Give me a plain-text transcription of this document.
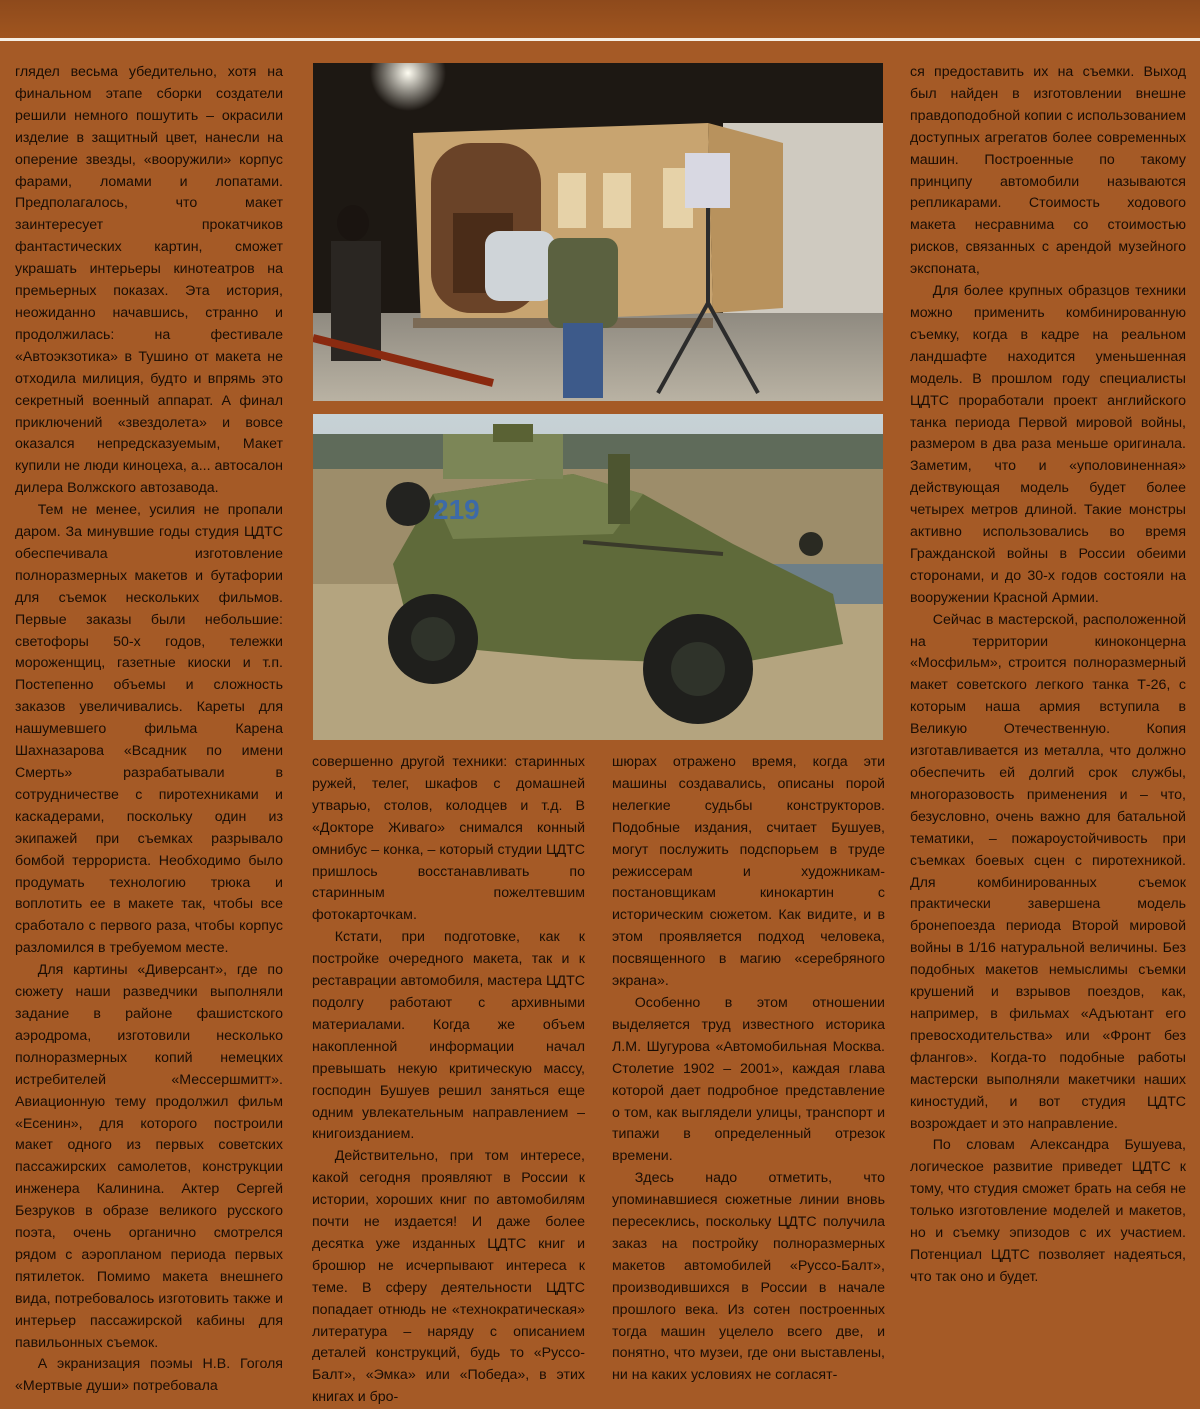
глядел весьма убедительно, хотя на финальном этапе сборки создатели решили немного пошутить – окрасили изделие в защитный цвет, нанесли на оперение звезды, «вооружили» корпус фарами, ломами и лопатами. Предполагалось, что макет заинтересует прокатчиков фантастических картин, сможет украшать интерьеры кинотеатров на премьерных показах. Эта история, неожиданно начавшись, странно и продолжилась: на фестивале «Автоэкзотика» в Тушино от макета не отходила милиция, будто и впрямь это секретный военный аппарат. А финал приключений «звездолета» и вовсе оказался непредсказуемым, Макет купили не люди киноцеха, а... автосалон дилера Волжского автозавода.

Тем не менее, усилия не пропали даром. За минувшие годы студия ЦДТС обеспечивала изготовление полноразмерных макетов и бутафории для съемок нескольких фильмов. Первые заказы были небольшие: светофоры 50-х годов, тележки мороженщиц, газетные киоски и т.п. Постепенно объемы и сложность заказов увеличивались. Кареты для нашумевшего фильма Карена Шахназарова «Всадник по имени Смерть» разрабатывали в сотрудничестве с пиротехниками и каскадерами, поскольку один из экипажей при съемках разрывало бомбой террориста. Необходимо было продумать технологию трюка и воплотить ее в макете так, чтобы все сработало с первого раза, чтобы корпус разломился в требуемом месте.

Для картины «Диверсант», где по сюжету наши разведчики выполняли задание в районе фашистского аэродрома, изготовили несколько полноразмерных копий немецких истребителей «Мессершмитт». Авиационную тему продолжил фильм «Есенин», для которого построили макет одного из первых советских пассажирских самолетов, конструкции инженера Калинина. Актер Сергей Безруков в образе великого русского поэта, очень органично смотрелся рядом с аэропланом периода первых пятилеток. Помимо макета внешнего вида, потребовалось изготовить также и интерьер пассажирской кабины для павильонных съемок.

А экранизация поэмы Н.В. Гоголя «Мертвые души» потребовала

219

совершенно другой техники: старинных ружей, телег, шкафов с домашней утварью, столов, колодцев и т.д. В «Докторе Живаго» снимался конный омнибус – конка, – который студии ЦДТС пришлось восстанавливать по старинным пожелтевшим фотокарточкам.

Кстати, при подготовке, как к постройке очередного макета, так и к реставрации автомобиля, мастера ЦДТС подолгу работают с архивными материалами. Когда же объем накопленной информации начал превышать некую критическую массу, господин Бушуев решил заняться еще одним увлекательным направлением – книгоизданием.

Действительно, при том интересе, какой сегодня проявляют в России к истории, хороших книг по автомобилям почти не издается! И даже более десятка уже изданных ЦДТС книг и брошюр не исчерпывают интереса к теме. В сферу деятельности ЦДТС попадает отнюдь не «технократическая» литература – наряду с описанием деталей конструкций, будь то «Руссо-Балт», «Эмка» или «Победа», в этих книгах и бро-

шюрах отражено время, когда эти машины создавались, описаны порой нелегкие судьбы конструкторов. Подобные издания, считает Бушуев, могут послужить подспорьем в труде режиссерам и художникам-постановщикам кинокартин с историческим сюжетом. Как видите, и в этом проявляется подход человека, посвященного в магию «серебряного экрана».

Особенно в этом отношении выделяется труд известного историка Л.М. Шугурова «Автомобильная Москва. Столетие 1902 – 2001», каждая глава которой дает подробное представление о том, как выглядели улицы, транспорт и типажи в определенный отрезок времени.

Здесь надо отметить, что упоминавшиеся сюжетные линии вновь пересеклись, поскольку ЦДТС получила заказ на постройку полноразмерных макетов автомобилей «Руссо-Балт», производившихся в России в начале прошлого века. Из сотен построенных тогда машин уцелело всего две, и понятно, что музеи, где они выставлены, ни на каких условиях не согласят-

ся предоставить их на съемки. Выход был найден в изготовлении внешне правдоподобной копии с использованием доступных агрегатов более современных машин. Построенные по такому принципу автомобили называются репликарами. Стоимость ходового макета несравнима со стоимостью рисков, связанных с арендой музейного экспоната,

Для более крупных образцов техники можно применить комбинированную съемку, когда в кадре на реальном ландшафте находится уменьшенная модель. В прошлом году специалисты ЦДТС проработали проект английского танка периода Первой мировой войны, размером в два раза меньше оригинала. Заметим, что и «уполовиненная» действующая модель будет более четырех метров длиной. Такие монстры активно использовались во время Гражданской войны в России обеими сторонами, и до 30-х годов состояли на вооружении Красной Армии.

Сейчас в мастерской, расположенной на территории киноконцерна «Мосфильм», строится полноразмерный макет советского легкого танка Т-26, с которым наша армия вступила в Великую Отечественную. Копия изготавливается из металла, что должно обеспечить ей долгий срок службы, многоразовость применения и – что, безусловно, очень важно для батальной тематики, – пожароустойчивость при съемках боевых сцен с пиротехникой. Для комбинированных съемок практически завершена модель бронепоезда периода Второй мировой войны в 1/16 натуральной величины. Без подобных макетов немыслимы съемки крушений и взрывов поездов, как, например, в фильмах «Адъютант его превосходительства» или «Фронт без флангов». Когда-то подобные работы мастерски выполняли макетчики наших киностудий, и вот студия ЦДТС возрождает и это направление.

По словам Александра Бушуева, логическое развитие приведет ЦДТС к тому, что студия сможет брать на себя не только изготовление моделей и макетов, но и съемку эпизодов с их участием. Потенциал ЦДТС позволяет надеяться, что так оно и будет.
